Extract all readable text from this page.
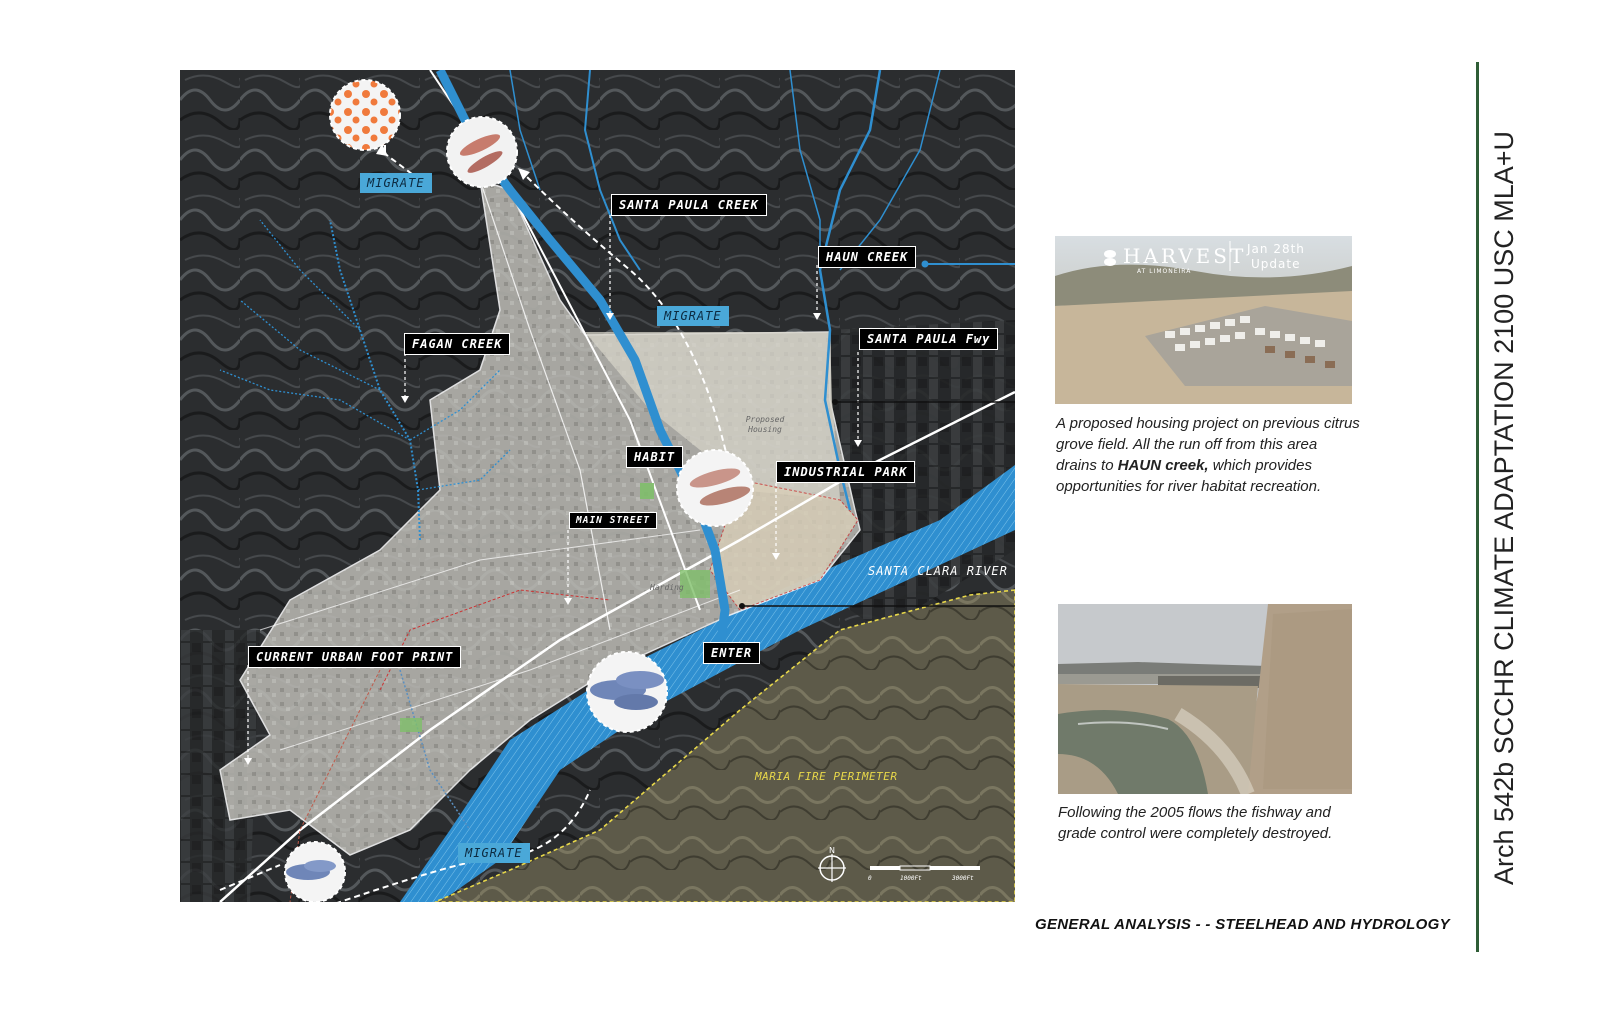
N
0	1000Ft	3000Ft
Proposed
Housing
Harding
SANTA PAULA CREEK
HAUN CREEK
FAGAN CREEK	SANTA PAULA Fwy
HABIT
INDUSTRIAL PARK
MAIN STREET
CURRENT URBAN FOOT PRINT	ENTER
MIGRATE
MIGRATE
MIGRATE
SANTA CLARA RIVER
MARIA FIRE PERIMETER
HARVEST
AT LIMONEIRA
Jan 28th
Update
A proposed housing project on previous citrus grove field. All the run off from this area drains to HAUN creek, which provides opportunities for river habitat recreation.
Following the 2005 flows the fishway and grade control were completely destroyed.
GENERAL ANALYSIS - - STEELHEAD AND HYDROLOGY
Arch 542b SCCHR CLIMATE ADAPTATION 2100 USC MLA+U
